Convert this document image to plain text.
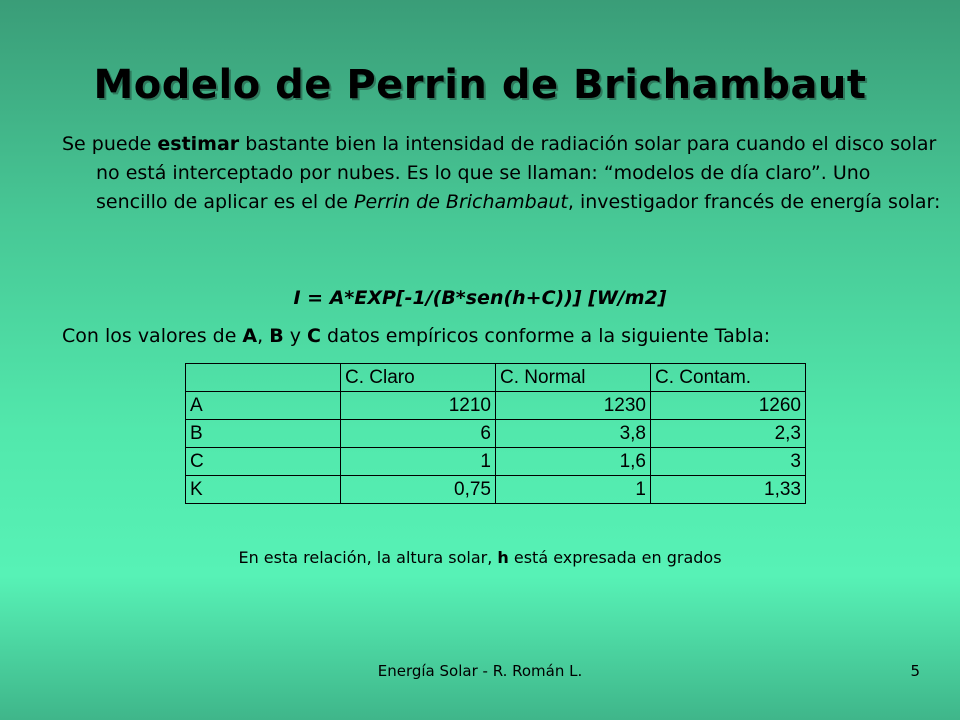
Modelo de Perrin de Brichambaut
Se puede estimar bastante bien la intensidad de radiación solar para cuando el disco solar no está interceptado por nubes. Es lo que se llaman: “modelos de día claro”. Uno sencillo de aplicar es el de Perrin de Brichambaut, investigador francés de energía solar:
I = A*EXP[-1/(B*sen(h+C))] [W/m2]
Con los valores de A, B y C datos empíricos conforme a la siguiente Tabla:
	C. Claro	C. Normal	C. Contam.
A	1210	1230	1260
B	6	3,8	2,3
C	1	1,6	3
K	0,75	1	1,33
En esta relación, la altura solar, h está expresada en grados
Energía Solar - R. Román L.	5
